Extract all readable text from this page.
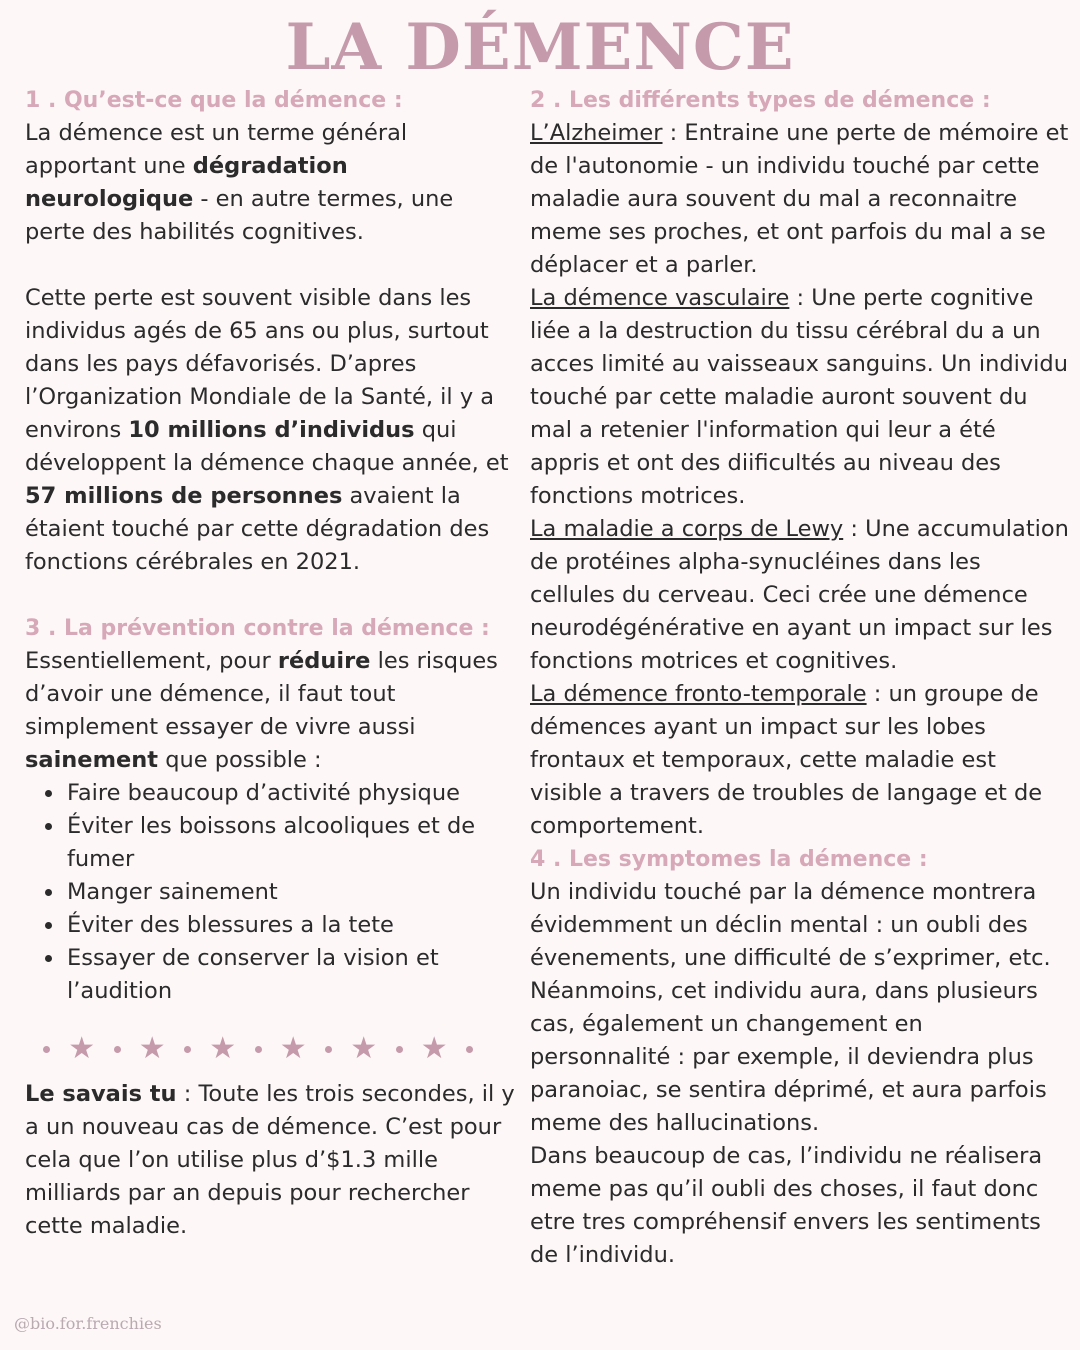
LA DÉMENCE
1 . Qu’est-ce que la démence :

La démence est un terme général apportant une dégradation neurologique - en autre termes, une perte des habilités cognitives.

Cette perte est souvent visible dans les individus agés de 65 ans ou plus, surtout dans les pays défavorisés. D’apres l’Organization Mondiale de la Santé, il y a environs 10 millions d’individus qui développent la démence chaque année, et 57 millions de personnes avaient la étaient touché par cette dégradation des fonctions cérébrales en 2021.

3 . La prévention contre la démence :

Essentiellement, pour réduire les risques d’avoir une démence, il faut tout simplement essayer de vivre aussi sainement que possible :

• Faire beaucoup d’activité physique
• Éviter les boissons alcooliques et de fumer
• Manger sainement
• Éviter des blessures a la tete
• Essayer de conserver la vision et l’audition
★ ★ ★ ★ ★ ★

Le savais tu : Toute les trois secondes, il y a un nouveau cas de démence. C’est pour cela que l’on utilise plus d’$1.3 mille milliards par an depuis pour rechercher cette maladie.

2 . Les différents types de démence :

L’Alzheimer : Entraine une perte de mémoire et de l'autonomie - un individu touché par cette maladie aura souvent du mal a reconnaitre meme ses proches, et ont parfois du mal a se déplacer et a parler.

La démence vasculaire : Une perte cognitive liée a la destruction du tissu cérébral du a un acces limité au vaisseaux sanguins. Un individu touché par cette maladie auront souvent du mal a retenier l'information qui leur a été appris et ont des diificultés au niveau des fonctions motrices.

La maladie a corps de Lewy : Une accumulation de protéines alpha-synucléines dans les cellules du cerveau. Ceci crée une démence neurodégénérative en ayant un impact sur les fonctions motrices et cognitives.

La démence fronto-temporale : un groupe de démences ayant un impact sur les lobes frontaux et temporaux, cette maladie est visible a travers de troubles de langage et de comportement.

4 . Les symptomes la démence :

Un individu touché par la démence montrera évidemment un déclin mental : un oubli des évenements, une difficulté de s’exprimer, etc.

Néanmoins, cet individu aura, dans plusieurs cas, également un changement en personnalité : par exemple, il deviendra plus paranoiac, se sentira déprimé, et aura parfois meme des hallucinations.

Dans beaucoup de cas, l’individu ne réalisera meme pas qu’il oubli des choses, il faut donc etre tres compréhensif envers les sentiments de l’individu.

@bio.for.frenchies
